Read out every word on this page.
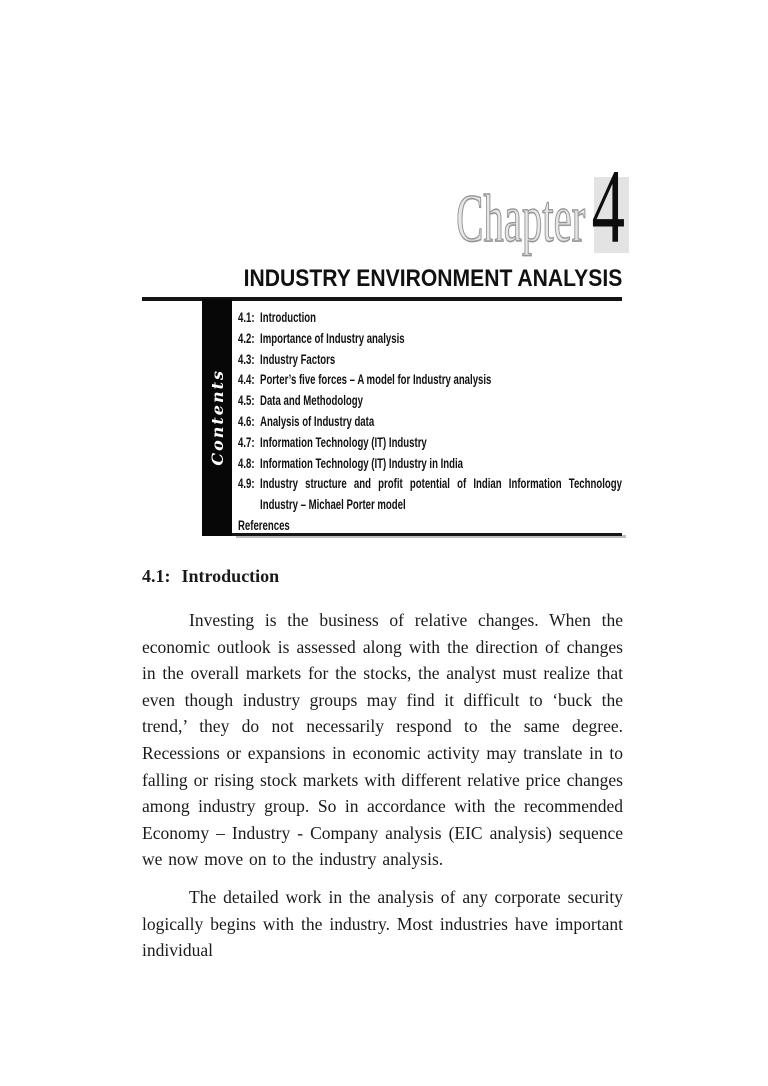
Chapter 4
INDUSTRY ENVIRONMENT ANALYSIS
Contents
4.1: Introduction
4.2: Importance of Industry analysis
4.3: Industry Factors
4.4: Porter’s five forces – A model for Industry analysis
4.5: Data and Methodology
4.6: Analysis of Industry data
4.7: Information Technology (IT) Industry
4.8: Information Technology (IT) Industry in India
4.9: Industry structure and profit potential of Indian Information Technology
Industry – Michael Porter model
References
4.1: Introduction

Investing is the business of relative changes. When the economic outlook is assessed along with the direction of changes in the overall markets for the stocks, the analyst must realize that even though industry groups may find it difficult to ‘buck the trend,’ they do not necessarily respond to the same degree. Recessions or expansions in economic activity may translate in to falling or rising stock markets with different relative price changes among industry group. So in accordance with the recommended Economy – Industry - Company analysis (EIC analysis) sequence we now move on to the industry analysis.

The detailed work in the analysis of any corporate security logically begins with the industry. Most industries have important individual
